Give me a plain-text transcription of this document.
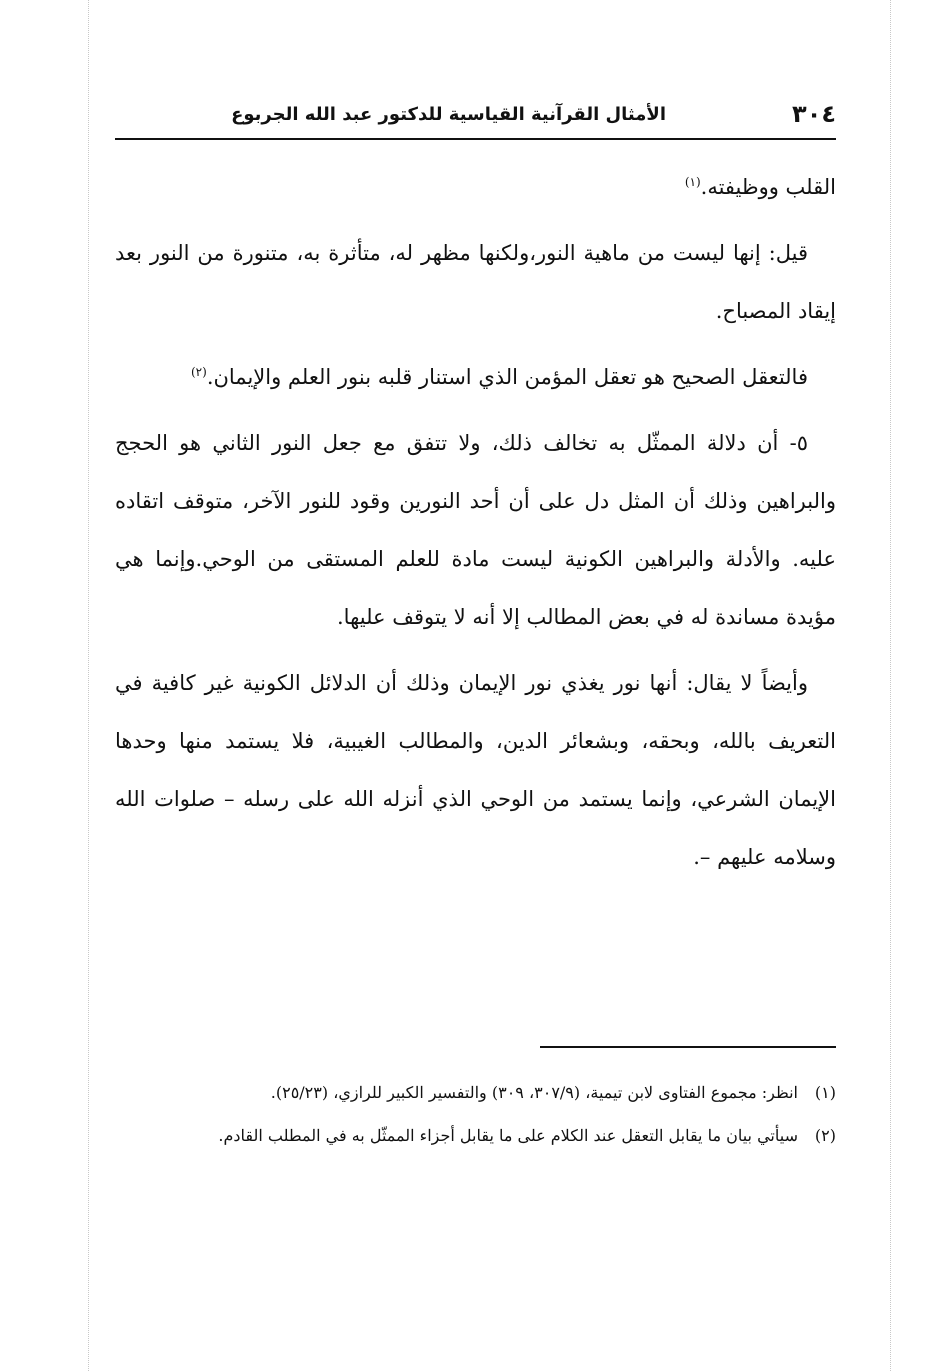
٣٠٤
الأمثال القرآنية القياسية للدكتور عبد الله الجربوع

القلب ووظيفته.$^{(١)}$

قيل: إنها ليست من ماهية النور،ولكنها مظهر له، متأثرة به، متنورة من النور بعد إيقاد المصباح.

فالتعقل الصحيح هو تعقل المؤمن الذي استنار قلبه بنور العلم والإيمان.$^{(٢)}$

٥- أن دلالة الممثّل به تخالف ذلك، ولا تتفق مع جعل النور الثاني هو الحجج والبراهين وذلك أن المثل دل على أن أحد النورين وقود للنور الآخر، متوقف اتقاده عليه. والأدلة والبراهين الكونية ليست مادة للعلم المستقى من الوحي.وإنما هي مؤيدة مساندة له في بعض المطالب إلا أنه لا يتوقف عليها.

وأيضاً لا يقال: أنها نور يغذي نور الإيمان وذلك أن الدلائل الكونية غير كافية في التعريف بالله، وبحقه، وبشعائر الدين، والمطالب الغيبية، فلا يستمد منها وحدها الإيمان الشرعي، وإنما يستمد من الوحي الذي أنزله الله على رسله – صلوات الله وسلامه عليهم –.

(١)
انظر: مجموع الفتاوى لابن تيمية، (٣٠٧/٩، ٣٠٩) والتفسير الكبير للرازي، (٢٥/٢٣).
(٢)
سيأتي بيان ما يقابل التعقل عند الكلام على ما يقابل أجزاء الممثّل به في المطلب القادم.
